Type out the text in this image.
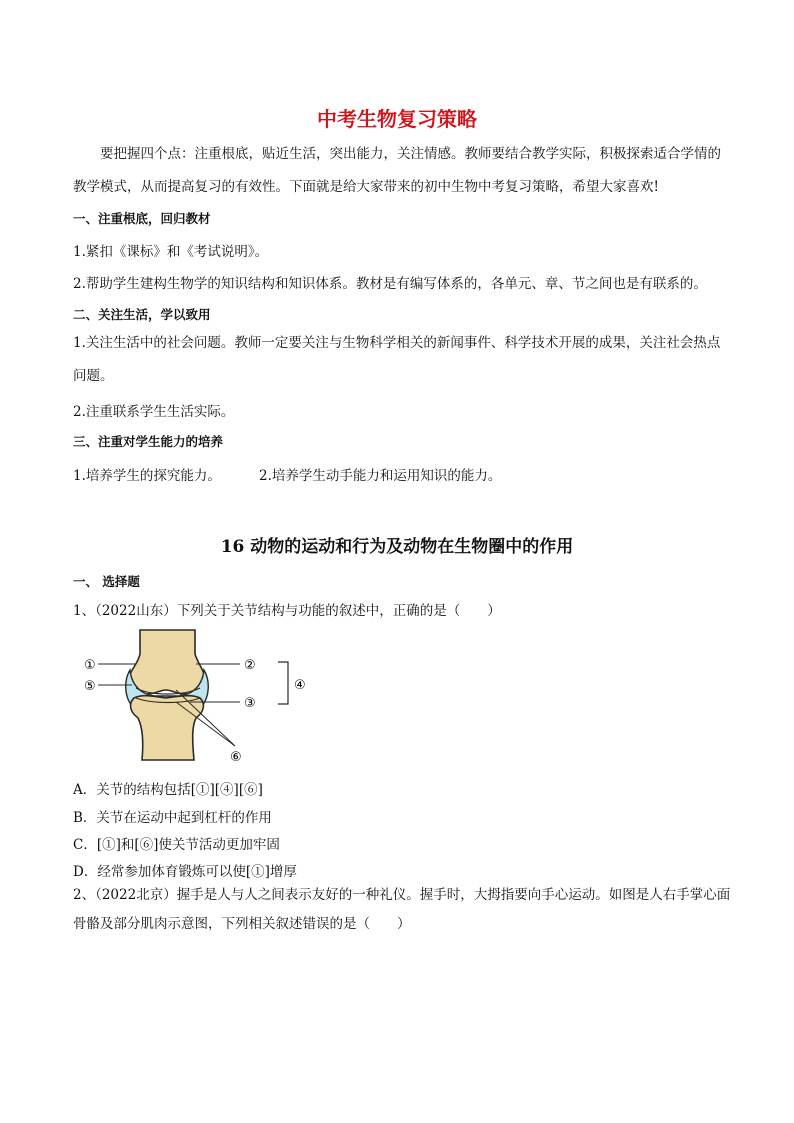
中考生物复习策略
要把握四个点：注重根底，贴近生活，突出能力，关注情感。教师要结合教学实际，积极探索适合学情的教学模式，从而提高复习的有效性。下面就是给大家带来的初中生物中考复习策略，希望大家喜欢!
一、注重根底，回归教材
1.紧扣《课标》和《考试说明》。
2.帮助学生建构生物学的知识结构和知识体系。教材是有编写体系的，各单元、章、节之间也是有联系的。
二、关注生活，学以致用
1.关注生活中的社会问题。教师一定要关注与生物科学相关的新闻事件、科学技术开展的成果，关注社会热点问题。
2.注重联系学生生活实际。
三、注重对学生能力的培养
1.培养学生的探究能力。	2.培养学生动手能力和运用知识的能力。
16 动物的运动和行为及动物在生物圈中的作用
一、 选择题
1、（2022山东）下列关于关节结构与功能的叙述中，正确的是（　　）
①
⑤
②
③
④
⑥
A．关节的结构包括[①][④][⑥]
B．关节在运动中起到杠杆的作用
C．[①]和[⑥]使关节活动更加牢固
D．经常参加体育锻炼可以使[①]增厚
2、（2022北京）握手是人与人之间表示友好的一种礼仪。握手时，大拇指要向手心运动。如图是人右手掌心面骨骼及部分肌肉示意图，下列相关叙述错误的是（　　）
